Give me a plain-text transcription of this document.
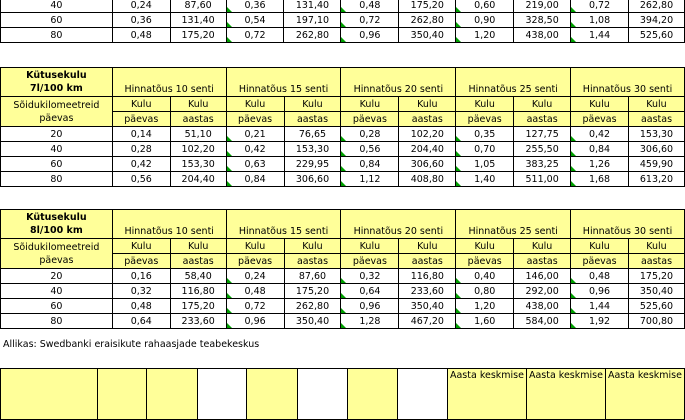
40	0,24	87,60	0,36	131,40	0,48	175,20	0,60	219,00	0,72	262,80
60	0,36	131,40	0,54	197,10	0,72	262,80	0,90	328,50	1,08	394,20
80	0,48	175,20	0,72	262,80	0,96	350,40	1,20	438,00	1,44	525,60
Kütusekulu
7l/100 km	Hinnatõus 10 senti		Hinnatõus 15 senti		Hinnatõus 20 senti		Hinnatõus 25 senti		Hinnatõus 30 senti	

Sõidukilomeetreid
päevas	Kulu	Kulu	Kulu	Kulu	Kulu	Kulu	Kulu	Kulu	Kulu	Kulu
	päevas	aastas	päevas	aastas	päevas	aastas	päevas	aastas	päevas	aastas
20	0,14	51,10	0,21	76,65	0,28	102,20	0,35	127,75	0,42	153,30
40	0,28	102,20	0,42	153,30	0,56	204,40	0,70	255,50	0,84	306,60
60	0,42	153,30	0,63	229,95	0,84	306,60	1,05	383,25	1,26	459,90
80	0,56	204,40	0,84	306,60	1,12	408,80	1,40	511,00	1,68	613,20
Kütusekulu
8l/100 km	Hinnatõus 10 senti		Hinnatõus 15 senti		Hinnatõus 20 senti		Hinnatõus 25 senti		Hinnatõus 30 senti	

Sõidukilomeetreid
päevas	Kulu	Kulu	Kulu	Kulu	Kulu	Kulu	Kulu	Kulu	Kulu	Kulu
	päevas	aastas	päevas	aastas	päevas	aastas	päevas	aastas	päevas	aastas
20	0,16	58,40	0,24	87,60	0,32	116,80	0,40	146,00	0,48	175,20
40	0,32	116,80	0,48	175,20	0,64	233,60	0,80	292,00	0,96	350,40
60	0,48	175,20	0,72	262,80	0,96	350,40	1,20	438,00	1,44	525,60
80	0,64	233,60	0,96	350,40	1,28	467,20	1,60	584,00	1,92	700,80
Allikas: Swedbanki eraisikute rahaasjade teabekeskus
								Aasta keskmise	Aasta keskmise	Aasta keskmise
